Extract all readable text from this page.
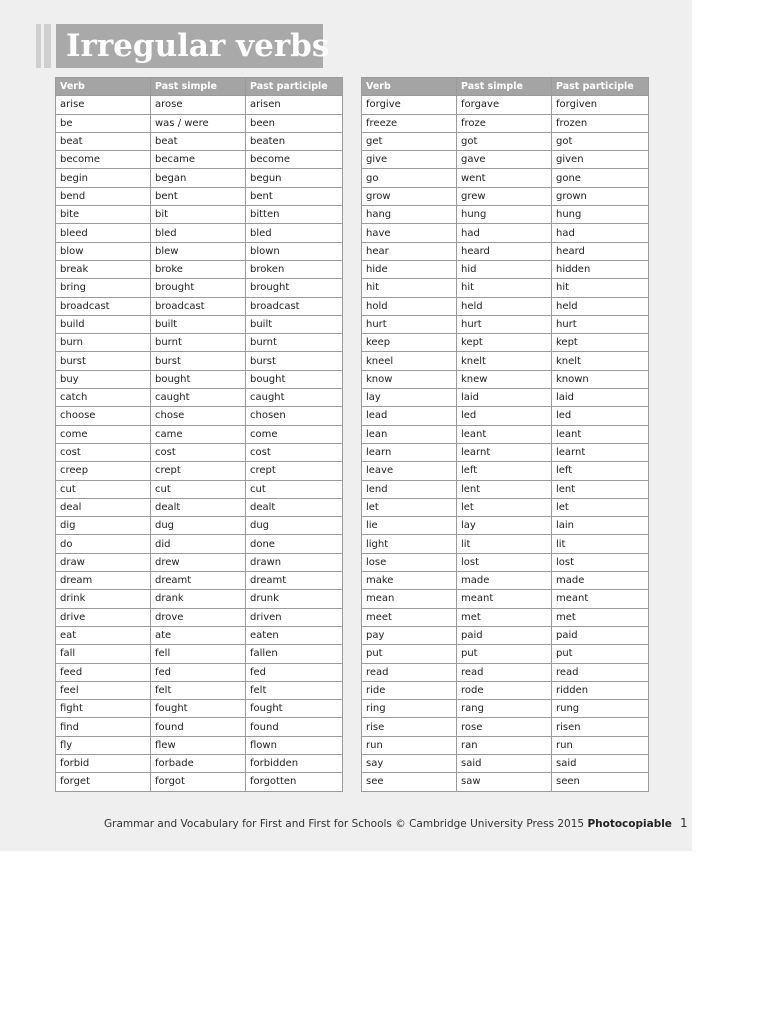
Irregular verbs
Verb	Past simple	Past participle
arise	arose	arisen
be	was / were	been
beat	beat	beaten
become	became	become
begin	began	begun
bend	bent	bent
bite	bit	bitten
bleed	bled	bled
blow	blew	blown
break	broke	broken
bring	brought	brought
broadcast	broadcast	broadcast
build	built	built
burn	burnt	burnt
burst	burst	burst
buy	bought	bought
catch	caught	caught
choose	chose	chosen
come	came	come
cost	cost	cost
creep	crept	crept
cut	cut	cut
deal	dealt	dealt
dig	dug	dug
do	did	done
draw	drew	drawn
dream	dreamt	dreamt
drink	drank	drunk
drive	drove	driven
eat	ate	eaten
fall	fell	fallen
feed	fed	fed
feel	felt	felt
fight	fought	fought
find	found	found
fly	flew	flown
forbid	forbade	forbidden
forget	forgot	forgotten
Verb	Past simple	Past participle
forgive	forgave	forgiven
freeze	froze	frozen
get	got	got
give	gave	given
go	went	gone
grow	grew	grown
hang	hung	hung
have	had	had
hear	heard	heard
hide	hid	hidden
hit	hit	hit
hold	held	held
hurt	hurt	hurt
keep	kept	kept
kneel	knelt	knelt
know	knew	known
lay	laid	laid
lead	led	led
lean	leant	leant
learn	learnt	learnt
leave	left	left
lend	lent	lent
let	let	let
lie	lay	lain
light	lit	lit
lose	lost	lost
make	made	made
mean	meant	meant
meet	met	met
pay	paid	paid
put	put	put
read	read	read
ride	rode	ridden
ring	rang	rung
rise	rose	risen
run	ran	run
say	said	said
see	saw	seen
Grammar and Vocabulary for First and First for Schools © Cambridge University Press 2015 Photocopiable 1
